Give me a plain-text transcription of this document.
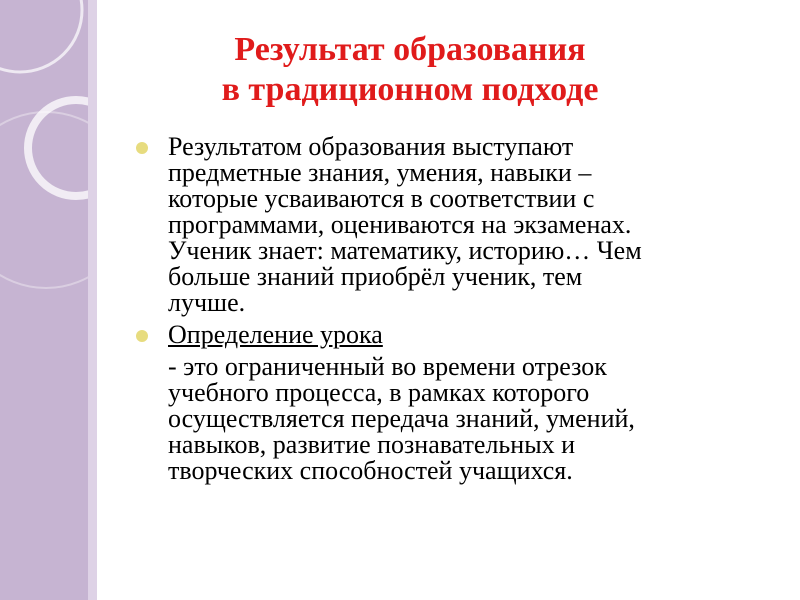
Результат образования
в традиционном подходе
Результатом образования выступают
предметные знания, умения, навыки –
которые усваиваются в соответствии с
программами, оцениваются на экзаменах.
Ученик знает: математику, историю… Чем
больше знаний приобрёл ученик, тем
лучше.
Определение урока
- это ограниченный во времени отрезок
учебного процесса, в рамках которого
осуществляется передача знаний, умений,
навыков, развитие познавательных и
творческих способностей учащихся.
